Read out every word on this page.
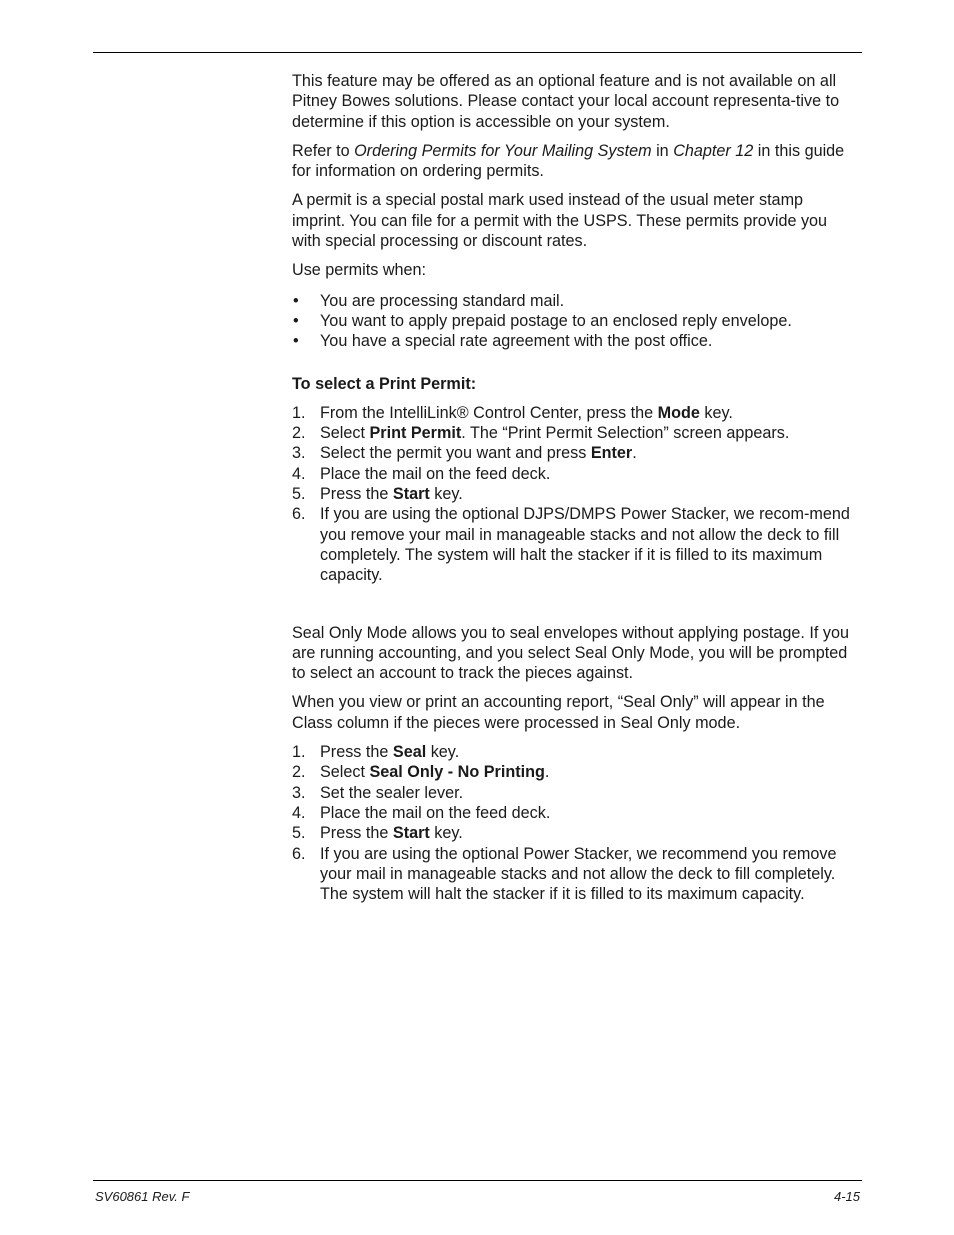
This feature may be offered as an optional feature and is not available on all Pitney Bowes solutions. Please contact your local account representa-tive to determine if this option is accessible on your system.

Refer to Ordering Permits for Your Mailing System in Chapter 12 in this guide for information on ordering permits.

A permit is a special postal mark used instead of the usual meter stamp imprint. You can file for a permit with the USPS. These permits provide you with special processing or discount rates.

Use permits when:

• You are processing standard mail.
• You want to apply prepaid postage to an enclosed reply envelope.
• You have a special rate agreement with the post office.

To select a Print Permit:

1. From the IntelliLink® Control Center, press the Mode key.
2. Select Print Permit. The “Print Permit Selection” screen appears.
3. Select the permit you want and press Enter.
4. Place the mail on the feed deck.
5. Press the Start key.
6. If you are using the optional DJPS/DMPS Power Stacker, we recom-mend you remove your mail in manageable stacks and not allow the deck to fill completely. The system will halt the stacker if it is filled to its maximum capacity.

Seal Only Mode allows you to seal envelopes without applying postage. If you are running accounting, and you select Seal Only Mode, you will be prompted to select an account to track the pieces against.

When you view or print an accounting report, “Seal Only” will appear in the Class column if the pieces were processed in Seal Only mode.

1. Press the Seal key.
2. Select Seal Only - No Printing.
3. Set the sealer lever.
4. Place the mail on the feed deck.
5. Press the Start key.
6. If you are using the optional Power Stacker, we recommend you remove your mail in manageable stacks and not allow the deck to fill completely. The system will halt the stacker if it is filled to its maximum capacity.
SV60861 Rev. F	4-15
